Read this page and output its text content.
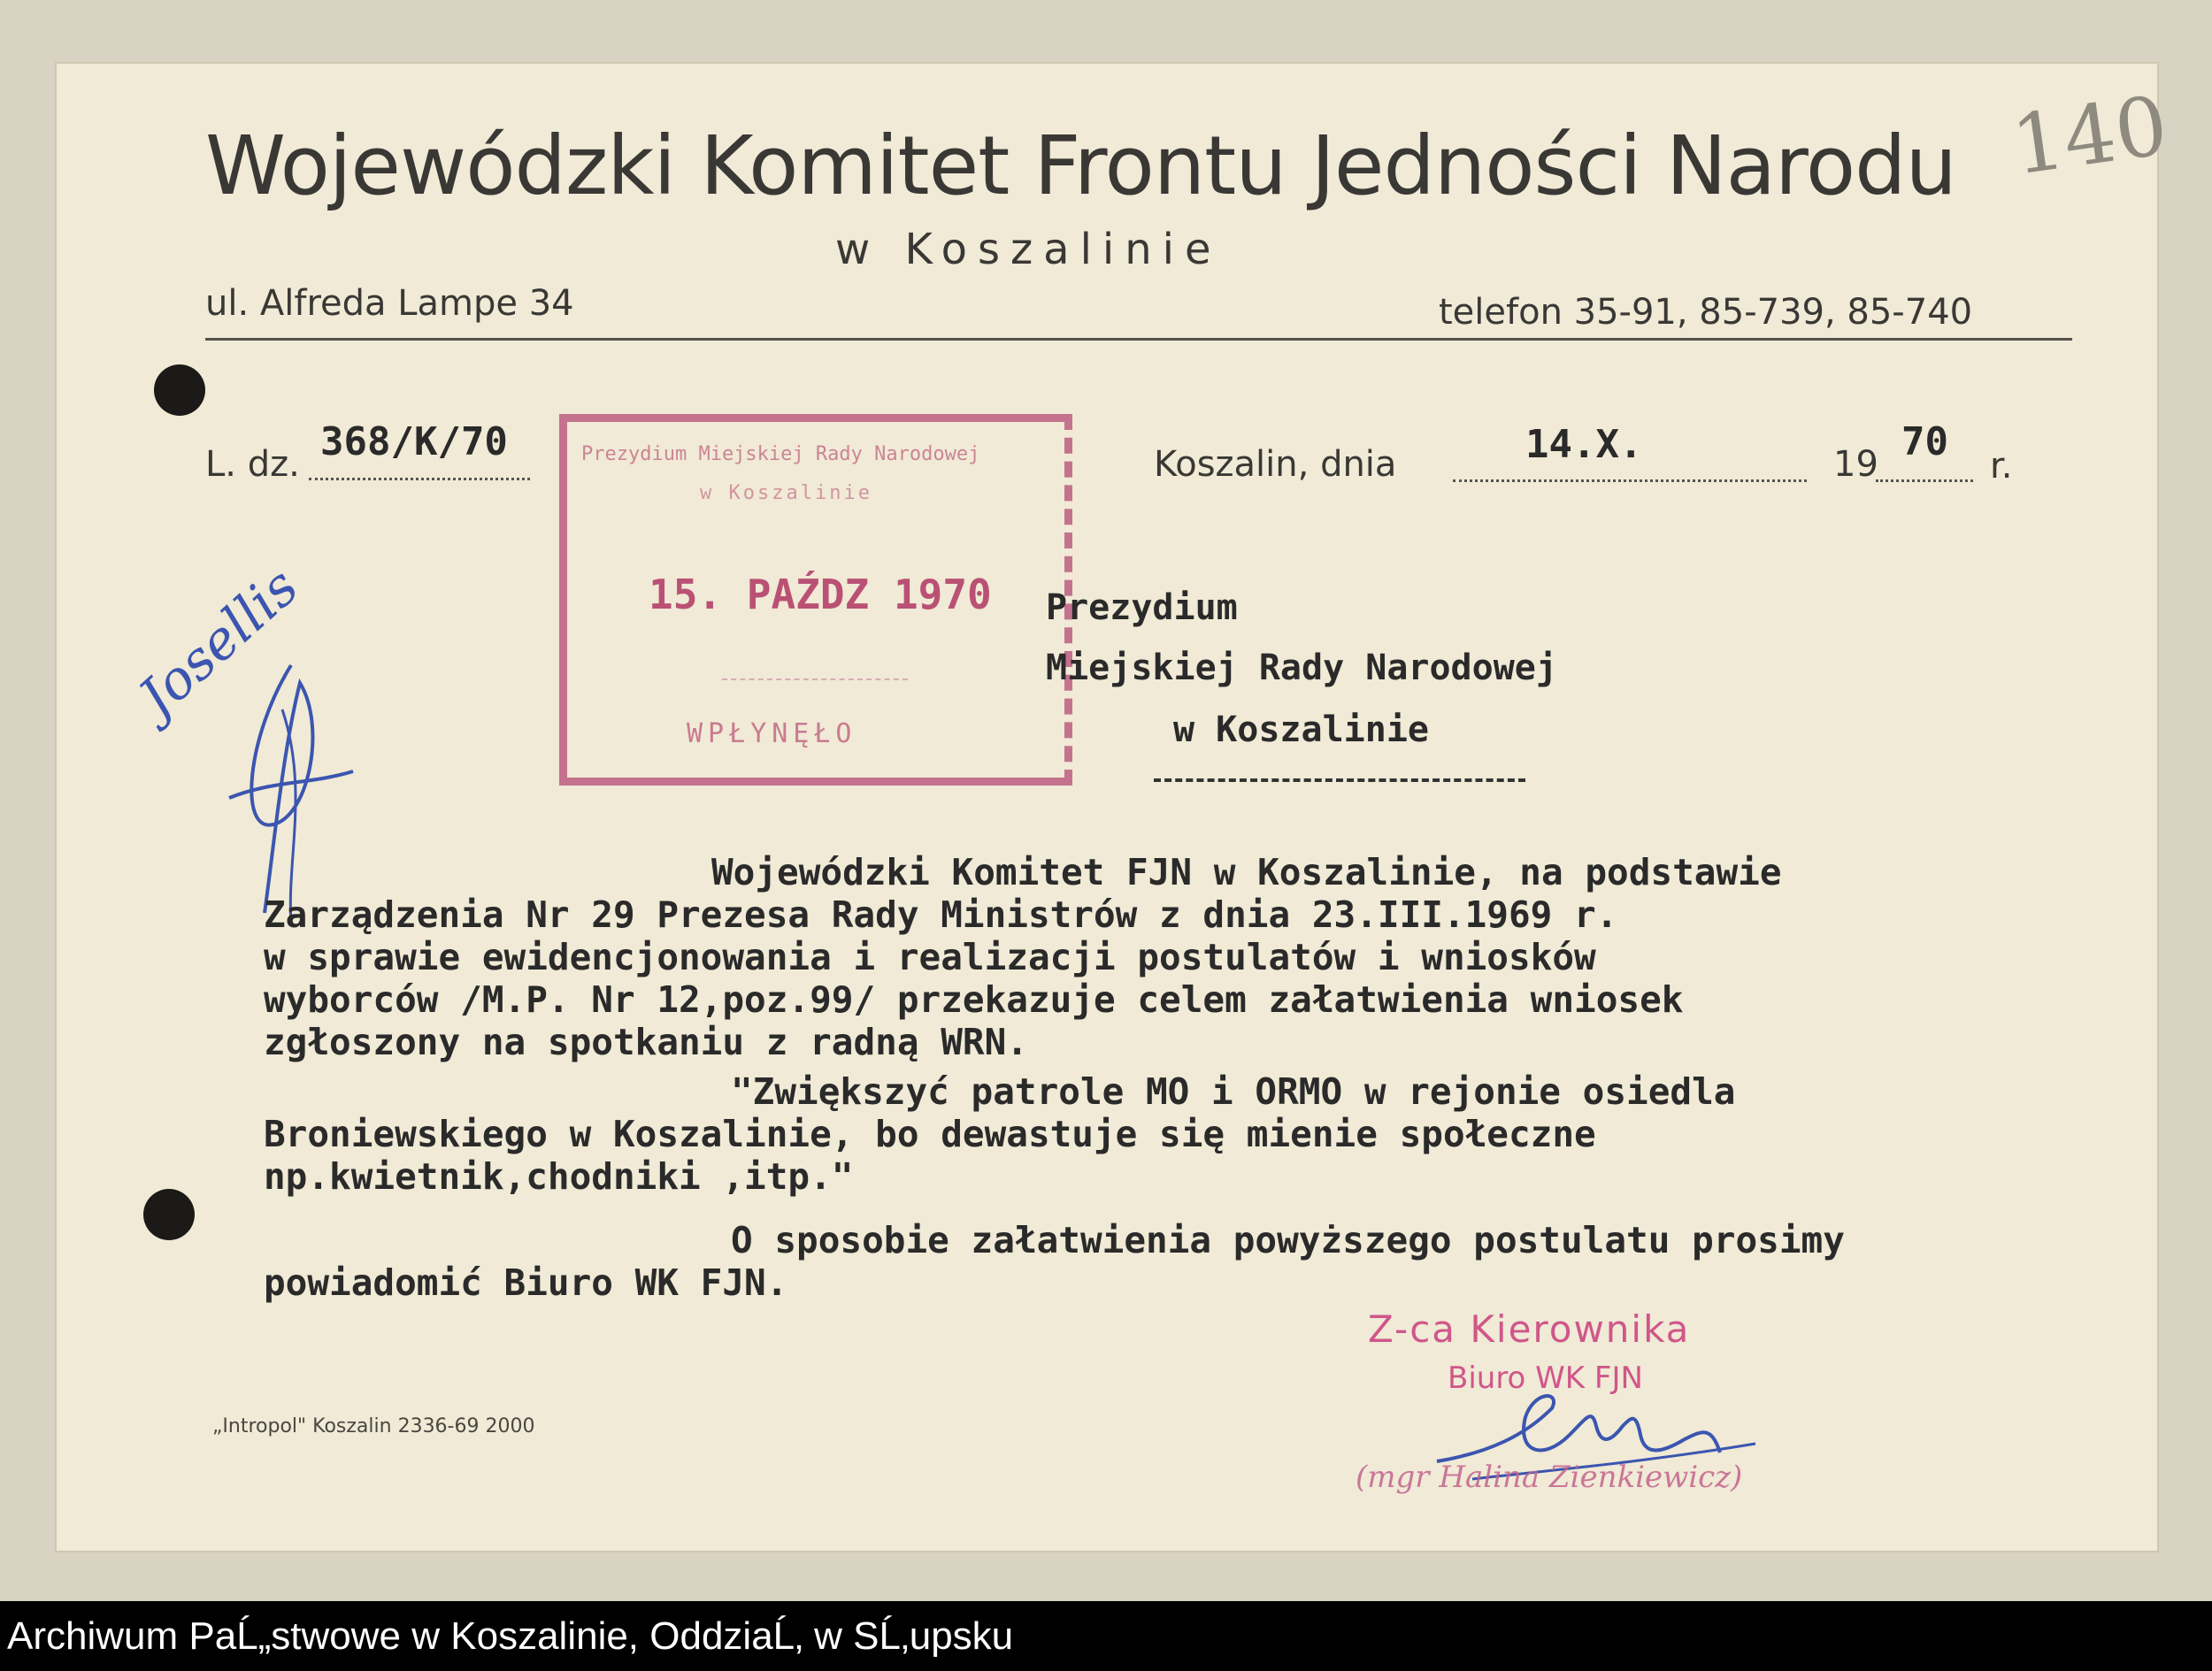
140
Wojewódzki Komitet Frontu Jedności Narodu
w Koszalinie
ul. Alfreda Lampe 34	telefon 35-91, 85-739, 85-740
L. dz. 368/K/70	Koszalin, dnia	14.X.	19 70
r.
Prezydium Miejskiej Rady Narodowej
w Koszalinie
15. PAŹDZ 1970
WPŁYNĘŁO
Prezydium
Miejskiej Rady Narodowej
w Koszalinie
Josellis
Wojewódzki Komitet FJN w Koszalinie, na podstawie
Zarządzenia Nr 29 Prezesa Rady Ministrów z dnia 23.III.1969 r.
w sprawie ewidencjonowania i realizacji postulatów i wniosków
wyborców /M.P. Nr 12,poz.99/ przekazuje celem załatwienia wniosek
zgłoszony na spotkaniu z radną WRN.
"Zwiększyć patrole MO i ORMO w rejonie osiedla
Broniewskiego w Koszalinie, bo dewastuje się mienie społeczne
np.kwietnik,chodniki ,itp."
O sposobie załatwienia powyższego postulatu prosimy
powiadomić Biuro WK FJN.
Z-ca Kierownika
Biuro WK FJN
(mgr Halina Zienkiewicz)
„Intropol" Koszalin 2336-69 2000
Archiwum PaĹ„stwowe w Koszalinie, OddziaĹ‚ w SĹ‚upsku
